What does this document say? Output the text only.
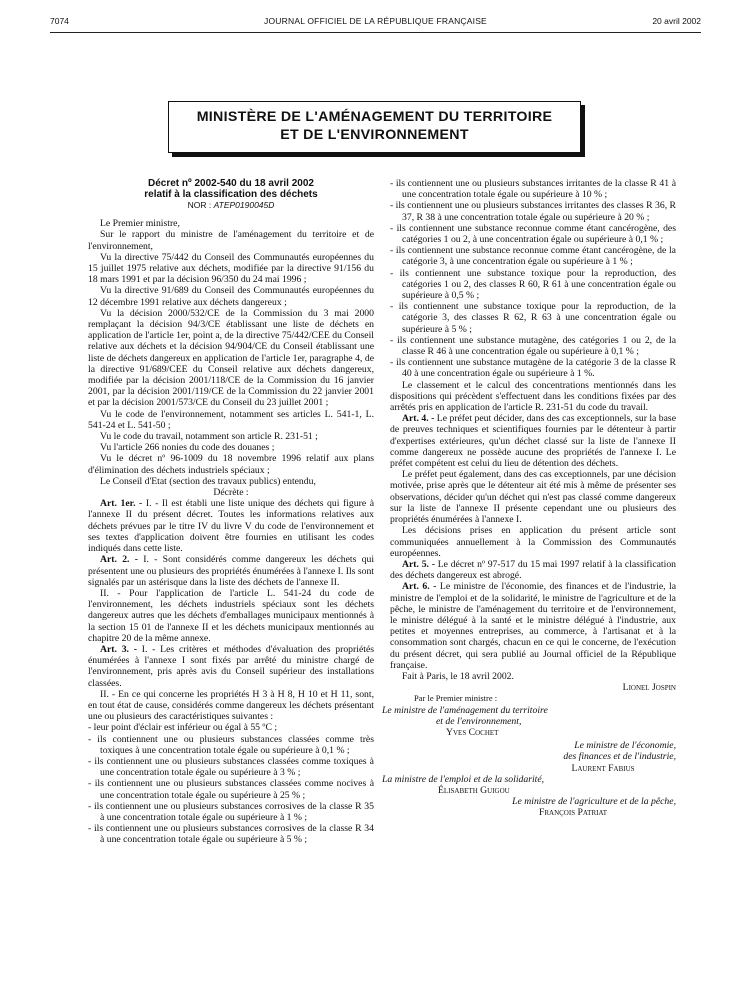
7074	JOURNAL OFFICIEL DE LA RÉPUBLIQUE FRANÇAISE	20 avril 2002
MINISTÈRE DE L'AMÉNAGEMENT DU TERRITOIRE
ET DE L'ENVIRONNEMENT
Décret nº 2002-540 du 18 avril 2002
relatif à la classification des déchets
NOR : ATEP0190045D

Le Premier ministre,

Sur le rapport du ministre de l'aménagement du territoire et de l'environnement,

Vu la directive 75/442 du Conseil des Communautés européennes du 15 juillet 1975 relative aux déchets, modifiée par la directive 91/156 du 18 mars 1991 et par la décision 96/350 du 24 mai 1996 ;

Vu la directive 91/689 du Conseil des Communautés européennes du 12 décembre 1991 relative aux déchets dangereux ;

Vu la décision 2000/532/CE de la Commission du 3 mai 2000 remplaçant la décision 94/3/CE établissant une liste de déchets en application de l'article 1er, point a, de la directive 75/442/CEE du Conseil relative aux déchets et la décision 94/904/CE du Conseil établissant une liste de déchets dangereux en application de l'article 1er, paragraphe 4, de la directive 91/689/CEE du Conseil relative aux déchets dangereux, modifiée par la décision 2001/118/CE de la Commission du 16 janvier 2001, par la décision 2001/119/CE de la Commission du 22 janvier 2001 et par la décision 2001/573/CE du Conseil du 23 juillet 2001 ;

Vu le code de l'environnement, notamment ses articles L. 541-1, L. 541-24 et L. 541-50 ;

Vu le code du travail, notamment son article R. 231-51 ;

Vu l'article 266 nonies du code des douanes ;

Vu le décret nº 96-1009 du 18 novembre 1996 relatif aux plans d'élimination des déchets industriels spéciaux ;

Le Conseil d'Etat (section des travaux publics) entendu,

Décrète :

Art. 1er. - I. - Il est établi une liste unique des déchets qui figure à l'annexe II du présent décret. Toutes les informations relatives aux déchets prévues par le titre IV du livre V du code de l'environnement et ses textes d'application doivent être fournies en utilisant les codes indiqués dans cette liste.

Art. 2. - I. - Sont considérés comme dangereux les déchets qui présentent une ou plusieurs des propriétés énumérées à l'annexe I. Ils sont signalés par un astérisque dans la liste des déchets de l'annexe II.

II. - Pour l'application de l'article L. 541-24 du code de l'environnement, les déchets industriels spéciaux sont les déchets dangereux autres que les déchets d'emballages municipaux mentionnés à la section 15 01 de l'annexe II et les déchets municipaux mentionnés au chapitre 20 de la même annexe.

Art. 3. - I. - Les critères et méthodes d'évaluation des propriétés énumérées à l'annexe I sont fixés par arrêté du ministre chargé de l'environnement, pris après avis du Conseil supérieur des installations classées.

II. - En ce qui concerne les propriétés H 3 à H 8, H 10 et H 11, sont, en tout état de cause, considérés comme dangereux les déchets présentant une ou plusieurs des caractéristiques suivantes :

- leur point d'éclair est inférieur ou égal à 55 ºC ;

- ils contiennent une ou plusieurs substances classées comme très toxiques à une concentration totale égale ou supérieure à 0,1 % ;

- ils contiennent une ou plusieurs substances classées comme toxiques à une concentration totale égale ou supérieure à 3 % ;

- ils contiennent une ou plusieurs substances classées comme nocives à une concentration totale égale ou supérieure à 25 % ;

- ils contiennent une ou plusieurs substances corrosives de la classe R 35 à une concentration totale égale ou supérieure à 1 % ;

- ils contiennent une ou plusieurs substances corrosives de la classe R 34 à une concentration totale égale ou supérieure à 5 % ;

- ils contiennent une ou plusieurs substances irritantes de la classe R 41 à une concentration totale égale ou supérieure à 10 % ;

- ils contiennent une ou plusieurs substances irritantes des classes R 36, R 37, R 38 à une concentration totale égale ou supérieure à 20 % ;

- ils contiennent une substance reconnue comme étant cancérogène, des catégories 1 ou 2, à une concentration égale ou supérieure à 0,1 % ;

- ils contiennent une substance reconnue comme étant cancérogène, de la catégorie 3, à une concentration égale ou supérieure à 1 % ;

- ils contiennent une substance toxique pour la reproduction, des catégories 1 ou 2, des classes R 60, R 61 à une concentration égale ou supérieure à 0,5 % ;

- ils contiennent une substance toxique pour la reproduction, de la catégorie 3, des classes R 62, R 63 à une concentration égale ou supérieure à 5 % ;

- ils contiennent une substance mutagène, des catégories 1 ou 2, de la classe R 46 à une concentration égale ou supérieure à 0,1 % ;

- ils contiennent une substance mutagène de la catégorie 3 de la classe R 40 à une concentration égale ou supérieure à 1 %.

Le classement et le calcul des concentrations mentionnés dans les dispositions qui précèdent s'effectuent dans les conditions fixées par des arrêtés pris en application de l'article R. 231-51 du code du travail.

Art. 4. - Le préfet peut décider, dans des cas exceptionnels, sur la base de preuves techniques et scientifiques fournies par le détenteur à partir d'expertises extérieures, qu'un déchet classé sur la liste de l'annexe II comme dangereux ne possède aucune des propriétés de l'annexe I. Le préfet compétent est celui du lieu de détention des déchets.

Le préfet peut également, dans des cas exceptionnels, par une décision motivée, prise après que le détenteur ait été mis à même de présenter ses observations, décider qu'un déchet qui n'est pas classé comme dangereux sur la liste de l'annexe II présente cependant une ou plusieurs des propriétés énumérées à l'annexe I.

Les décisions prises en application du présent article sont communiquées annuellement à la Commission des Communautés européennes.

Art. 5. - Le décret nº 97-517 du 15 mai 1997 relatif à la classification des déchets dangereux est abrogé.

Art. 6. - Le ministre de l'économie, des finances et de l'industrie, la ministre de l'emploi et de la solidarité, le ministre de l'agriculture et de la pêche, le ministre de l'aménagement du territoire et de l'environnement, le ministre délégué à la santé et le ministre délégué à l'industrie, aux petites et moyennes entreprises, au commerce, à l'artisanat et à la consommation sont chargés, chacun en ce qui le concerne, de l'exécution du présent décret, qui sera publié au Journal officiel de la République française.

Fait à Paris, le 18 avril 2002.

Lionel Jospin

Par le Premier ministre :

Le ministre de l'aménagement du territoire

et de l'environnement,

Yves Cochet

Le ministre de l'économie,

des finances et de l'industrie,

Laurent Fabius

La ministre de l'emploi et de la solidarité,

Élisabeth Guigou

Le ministre de l'agriculture et de la pêche,

François Patriat
